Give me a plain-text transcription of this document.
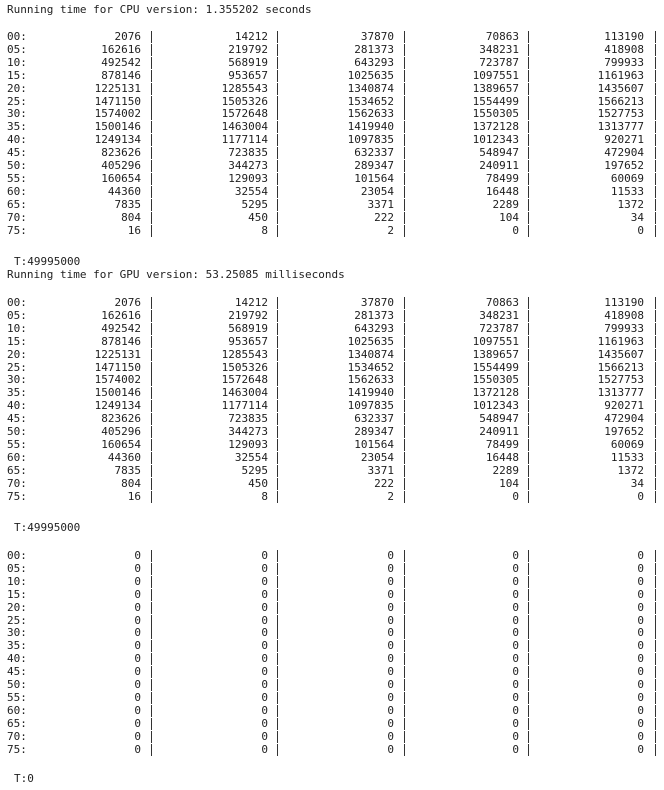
Running time for CPU version: 1.355202 seconds
00:	2076	14212	37870	70863	113190
05:	162616	219792	281373	348231	418908
10:	492542	568919	643293	723787	799933
15:	878146	953657	1025635	1097551	1161963
20:	1225131	1285543	1340874	1389657	1435607
25:	1471150	1505326	1534652	1554499	1566213
30:	1574002	1572648	1562633	1550305	1527753
35:	1500146	1463004	1419940	1372128	1313777
40:	1249134	1177114	1097835	1012343	920271
45:	823626	723835	632337	548947	472904
50:	405296	344273	289347	240911	197652
55:	160654	129093	101564	78499	60069
60:	44360	32554	23054	16448	11533
65:	7835	5295	3371	2289	1372
70:	804	450	222	104	34
75:	16	8	2	0	0
T:49995000
Running time for GPU version: 53.25085 milliseconds
00:	2076	14212	37870	70863	113190
05:	162616	219792	281373	348231	418908
10:	492542	568919	643293	723787	799933
15:	878146	953657	1025635	1097551	1161963
20:	1225131	1285543	1340874	1389657	1435607
25:	1471150	1505326	1534652	1554499	1566213
30:	1574002	1572648	1562633	1550305	1527753
35:	1500146	1463004	1419940	1372128	1313777
40:	1249134	1177114	1097835	1012343	920271
45:	823626	723835	632337	548947	472904
50:	405296	344273	289347	240911	197652
55:	160654	129093	101564	78499	60069
60:	44360	32554	23054	16448	11533
65:	7835	5295	3371	2289	1372
70:	804	450	222	104	34
75:	16	8	2	0	0
T:49995000
00:	0	0	0	0	0
05:	0	0	0	0	0
10:	0	0	0	0	0
15:	0	0	0	0	0
20:	0	0	0	0	0
25:	0	0	0	0	0
30:	0	0	0	0	0
35:	0	0	0	0	0
40:	0	0	0	0	0
45:	0	0	0	0	0
50:	0	0	0	0	0
55:	0	0	0	0	0
60:	0	0	0	0	0
65:	0	0	0	0	0
70:	0	0	0	0	0
75:	0	0	0	0	0
T:0
